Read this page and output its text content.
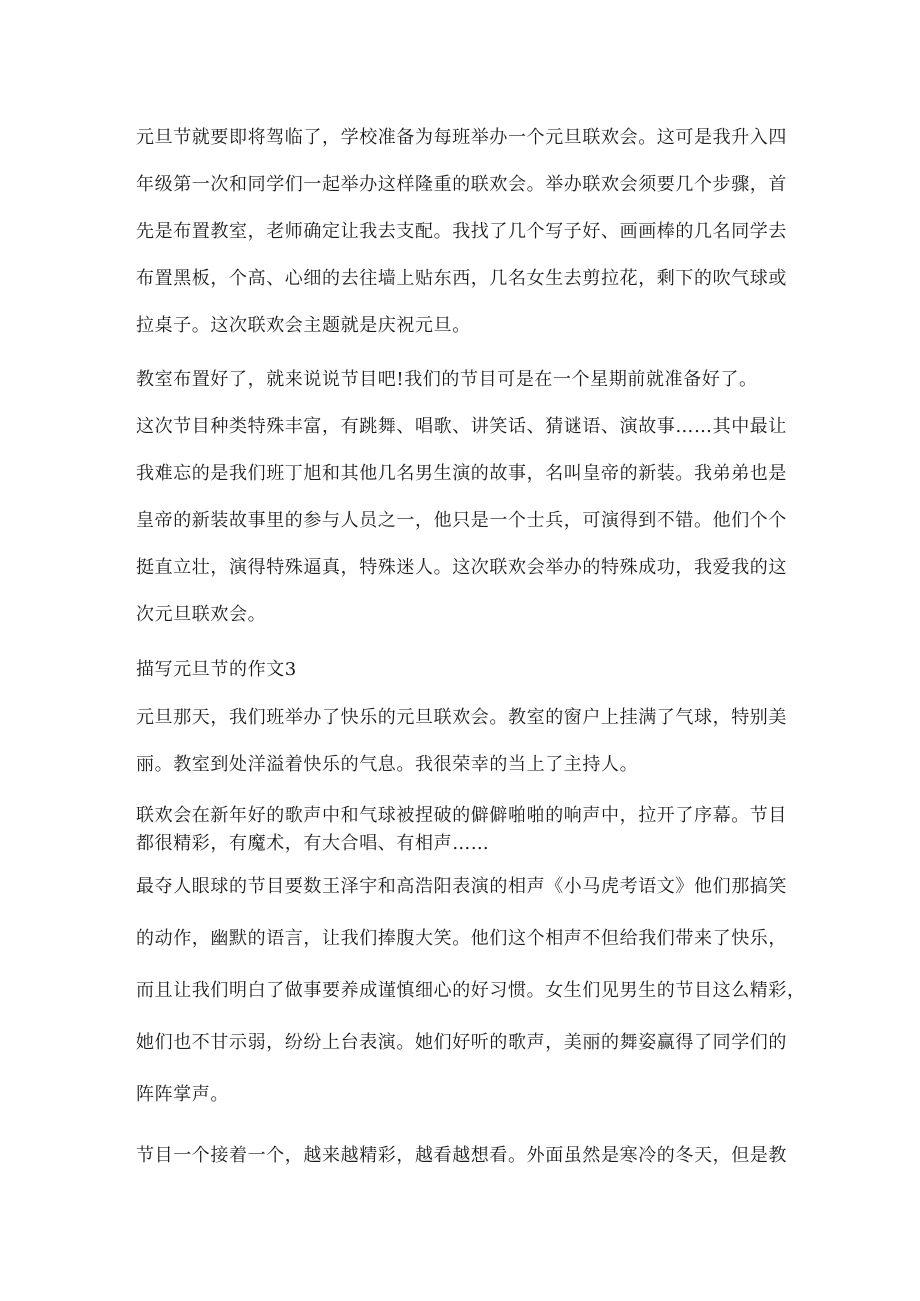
元旦节就要即将驾临了，学校准备为每班举办一个元旦联欢会。这可是我升入四
年级第一次和同学们一起举办这样隆重的联欢会。举办联欢会须要几个步骤，首
先是布置教室，老师确定让我去支配。我找了几个写子好、画画棒的几名同学去
布置黑板，个高、心细的去往墙上贴东西，几名女生去剪拉花，剩下的吹气球或
拉桌子。这次联欢会主题就是庆祝元旦。

教室布置好了，就来说说节目吧!我们的节目可是在一个星期前就准备好了。

这次节目种类特殊丰富，有跳舞、唱歌、讲笑话、猜谜语、演故事……其中最让
我难忘的是我们班丁旭和其他几名男生演的故事，名叫皇帝的新装。我弟弟也是
皇帝的新装故事里的参与人员之一，他只是一个士兵，可演得到不错。他们个个
挺直立壮，演得特殊逼真，特殊迷人。这次联欢会举办的特殊成功，我爱我的这
次元旦联欢会。

描写元旦节的作文3

元旦那天，我们班举办了快乐的元旦联欢会。教室的窗户上挂满了气球，特别美
丽。教室到处洋溢着快乐的气息。我很荣幸的当上了主持人。

联欢会在新年好的歌声中和气球被捏破的僻僻啪啪的响声中，拉开了序幕。节目
都很精彩，有魔术，有大合唱、有相声……

最夺人眼球的节目要数王泽宇和高浩阳表演的相声《小马虎考语文》他们那搞笑
的动作，幽默的语言，让我们捧腹大笑。他们这个相声不但给我们带来了快乐，
而且让我们明白了做事要养成谨慎细心的好习惯。女生们见男生的节目这么精彩，
她们也不甘示弱，纷纷上台表演。她们好听的歌声，美丽的舞姿赢得了同学们的
阵阵掌声。

节目一个接着一个，越来越精彩，越看越想看。外面虽然是寒冷的冬天，但是教
